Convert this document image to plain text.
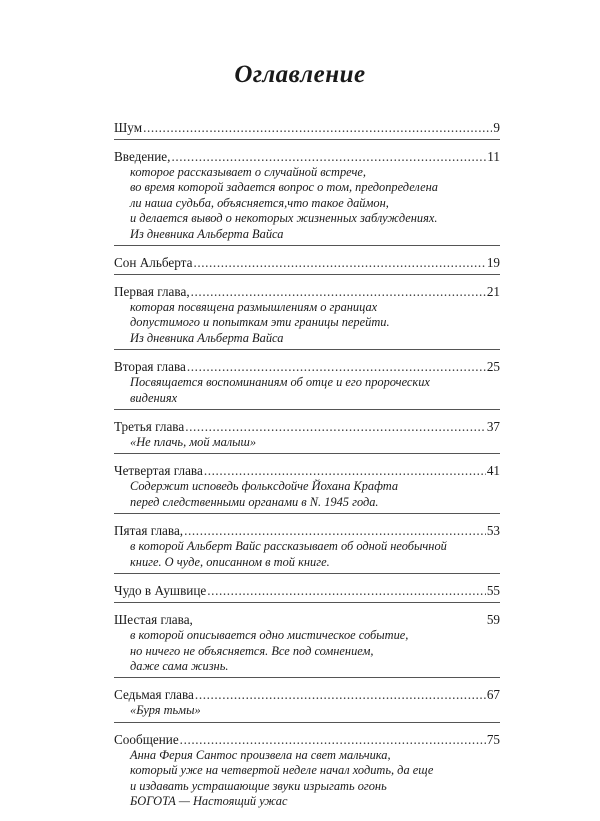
Оглавление
Шум .....	9
Введение, .....	11
которое рассказывает о случайной встрече,
во время которой задается вопрос о том, предопределена
ли наша судьба, объясняется,что такое даймон,
и делается вывод о некоторых жизненных заблуждениях.
Из дневника Альберта Вайса
Сон Альберта .....	19
Первая глава, .....	21
которая посвящена размышлениям о границах
допустимого и попыткам эти границы перейти.
Из дневника Альберта Вайса
Вторая глава .....	25
Посвящается воспоминаниям об отце и его пророческих
видениях
Третья глава .....	37
«Не плачь, мой малыш»
Четвертая глава .....	41
Содержит исповедь фолькcдойче Йохана Крафта
перед следственными органами в N. 1945 года.
Пятая глава, .....	53
в которой Альберт Вайс рассказывает об одной необычной
книге. О чуде, описанном в той книге.
Чудо в Аушвице .....	55
Шестая глава,	59
в которой описывается одно мистическое событие,
но ничего не объясняется. Все под сомнением,
даже сама жизнь.
Седьмая глава .....	67
«Буря тьмы»
Сообщение .....	75
Анна Ферия Сантос произвела на свет мальчика,
который уже на четвертой неделе начал ходить, да еще
и издавать устрашающие звуки изрыгать огонь
БОГОТА — Настоящий ужас
